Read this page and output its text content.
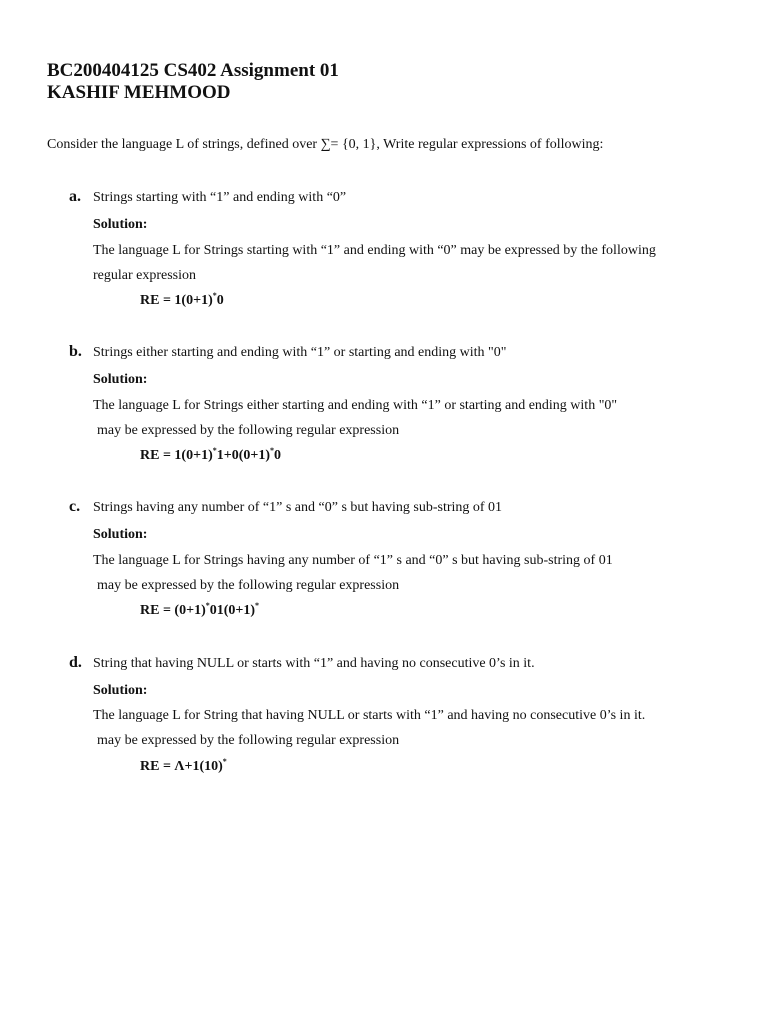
BC200404125 CS402 Assignment 01
KASHIF MEHMOOD
Consider the language L of strings, defined over ∑= {0, 1}, Write regular expressions of following:
a. Strings starting with “1” and ending with “0”
Solution:
The language L for Strings starting with “1” and ending with “0” may be expressed by the following
regular expression
RE = 1(0+1)*0
b. Strings either starting and ending with “1” or starting and ending with "0"
Solution:
The language L for Strings either starting and ending with “1” or starting and ending with "0"
may be expressed by the following regular expression
RE = 1(0+1)*1+0(0+1)*0
c. Strings having any number of “1” s and “0” s but having sub-string of 01
Solution:
The language L for Strings having any number of “1” s and “0” s but having sub-string of 01
may be expressed by the following regular expression
RE = (0+1)*01(0+1)*
d. String that having NULL or starts with “1” and having no consecutive 0’s in it.
Solution:
The language L for String that having NULL or starts with “1” and having no consecutive 0’s in it.
may be expressed by the following regular expression
RE = Λ+1(10)*
